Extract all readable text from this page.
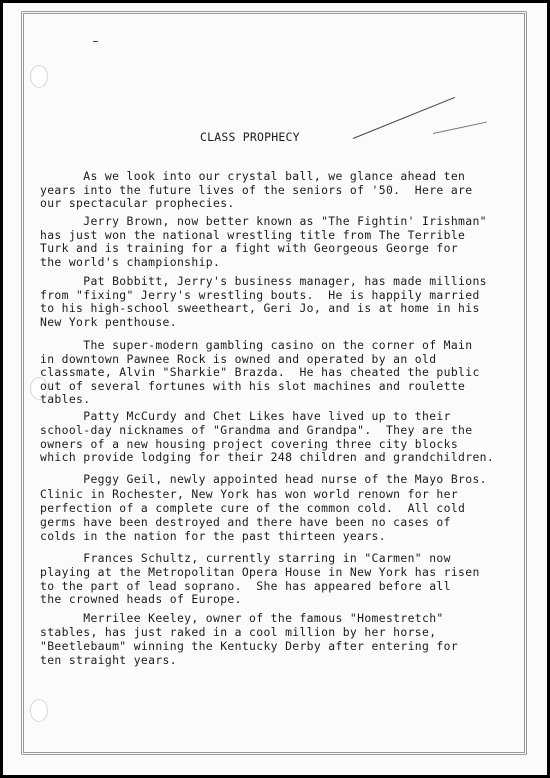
CLASS PROPHECY
As we look into our crystal ball, we glance ahead ten
years into the future lives of the seniors of '50.  Here are
our spectacular prophecies.
Jerry Brown, now better known as "The Fightin' Irishman"
has just won the national wrestling title from The Terrible
Turk and is training for a fight with Georgeous George for
the world's championship.
Pat Bobbitt, Jerry's business manager, has made millions
from "fixing" Jerry's wrestling bouts.  He is happily married
to his high-school sweetheart, Geri Jo, and is at home in his
New York penthouse.
The super-modern gambling casino on the corner of Main
in downtown Pawnee Rock is owned and operated by an old
classmate, Alvin "Sharkie" Brazda.  He has cheated the public
out of several fortunes with his slot machines and roulette
tables.
Patty McCurdy and Chet Likes have lived up to their
school-day nicknames of "Grandma and Grandpa".  They are the
owners of a new housing project covering three city blocks
which provide lodging for their 248 children and grandchildren.
Peggy Geil, newly appointed head nurse of the Mayo Bros.
Clinic in Rochester, New York has won world renown for her
perfection of a complete cure of the common cold.  All cold
germs have been destroyed and there have been no cases of
colds in the nation for the past thirteen years.
Frances Schultz, currently starring in "Carmen" now
playing at the Metropolitan Opera House in New York has risen
to the part of lead soprano.  She has appeared before all
the crowned heads of Europe.
Merrilee Keeley, owner of the famous "Homestretch"
stables, has just raked in a cool million by her horse,
"Beetlebaum" winning the Kentucky Derby after entering for
ten straight years.
